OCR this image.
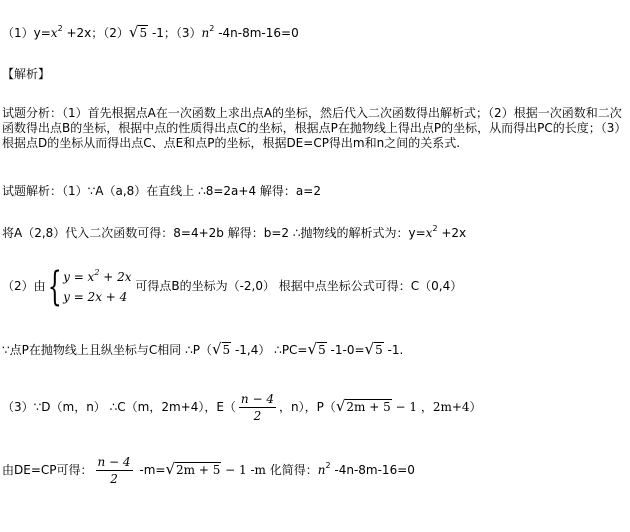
$(1)y=x^2 +2x$；（2）√5 -1；$(3)n^2$ -4n-8m-16=0
【解析】
试题分析：（1）首先根据点A在一次函数上求出点A的坐标，然后代入二次函数得出解析式；（2）根据一次函数和二次函数得出点B的坐标，根据中点的性质得出点C的坐标，根据点P在抛物线上得出点P的坐标，从而得出PC的长度；（3）根据点D的坐标从而得出点C、点E和点P的坐标，根据DE=CP得出m和n之间的关系式.
试题解析：（1）∵A（a,8）在直线上 ∴8=2a+4 解得：a=2
将A（2,8）代入二次函数可得：8=4+2b 解得：b=2 ∴抛物线的解析式为：$y=x^2 +2x$
（2）由{ $y = x^2 + 2x$
y = 2x + 4
可得点B的坐标为（-2,0） 根据中点坐标公式可得：C（0,4）
∵点P在抛物线上且纵坐标与C相同 ∴P（√5 -1,4） ∴PC=√5 -1-0=√5 -1.
（3）∵D（m，n） ∴C（m，2m+4），$E( \frac{n - 4}{2}$ ，n），P（√2m + 5 − 1 ，2m+4）
由DE=CP可得： $\frac{n - 4}{2} -m=√2m + 5 - 1$ -m 化简得：$n^2$ -4n-8m-16=0
